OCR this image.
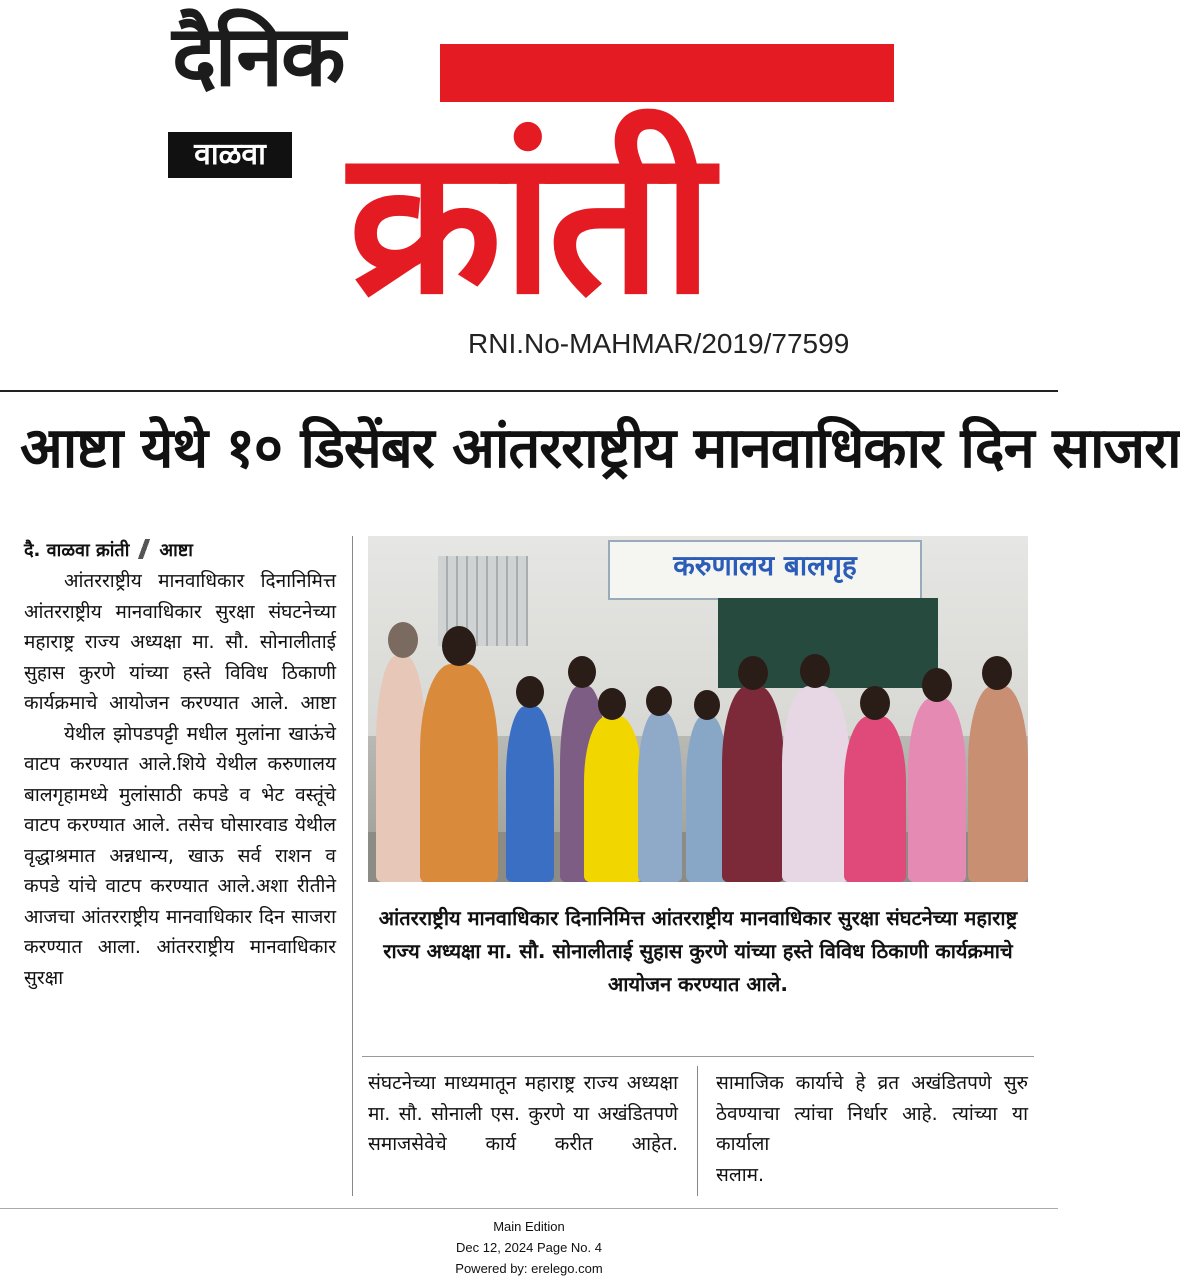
दैनिक
क्रांती
वाळवा
RNI.No-MAHMAR/2019/77599
आष्टा येथे १० डिसेंबर आंतरराष्ट्रीय मानवाधिकार दिन साजरा
दै. वाळवा क्रांती आष्टा

आंतरराष्ट्रीय मानवाधिकार दिनानिमित्त आंतरराष्ट्रीय मानवाधिकार सुरक्षा संघटनेच्या महाराष्ट्र राज्य अध्यक्षा मा. सौ. सोनालीताई सुहास कुरणे यांच्या हस्ते विविध ठिकाणी कार्यक्रमाचे आयोजन करण्यात आले. आष्टा

येथील झोपडपट्टी मधील मुलांना खाऊंचे वाटप करण्यात आले.शिये येथील करुणालय बालगृहामध्ये मुलांसाठी कपडे व भेट वस्तूंचे वाटप करण्यात आले. तसेच घोसारवाड येथील वृद्धाश्रमात अन्नधान्य, खाऊ सर्व राशन व कपडे यांचे वाटप करण्यात आले.अशा रीतीने आजचा आंतरराष्ट्रीय मानवाधिकार दिन साजरा करण्यात आला. आंतरराष्ट्रीय मानवाधिकार सुरक्षा

करुणालय बालगृह
आंतरराष्ट्रीय मानवाधिकार दिनानिमित्त आंतरराष्ट्रीय मानवाधिकार सुरक्षा संघटनेच्या महाराष्ट्र राज्य अध्यक्षा मा. सौ. सोनालीताई सुहास कुरणे यांच्या हस्ते विविध ठिकाणी कार्यक्रमाचे आयोजन करण्यात आले.
संघटनेच्या माध्यमातून महाराष्ट्र राज्य अध्यक्षा मा. सौ. सोनाली एस. कुरणे या अखंडितपणे समाजसेवेचे कार्य करीत आहेत.
सामाजिक कार्याचे हे व्रत अखंडितपणे सुरु ठेवण्याचा त्यांचा निर्धार आहे. त्यांच्या या कार्याला
सलाम.
Main Edition
Dec 12, 2024 Page No. 4
Powered by: erelego.com
